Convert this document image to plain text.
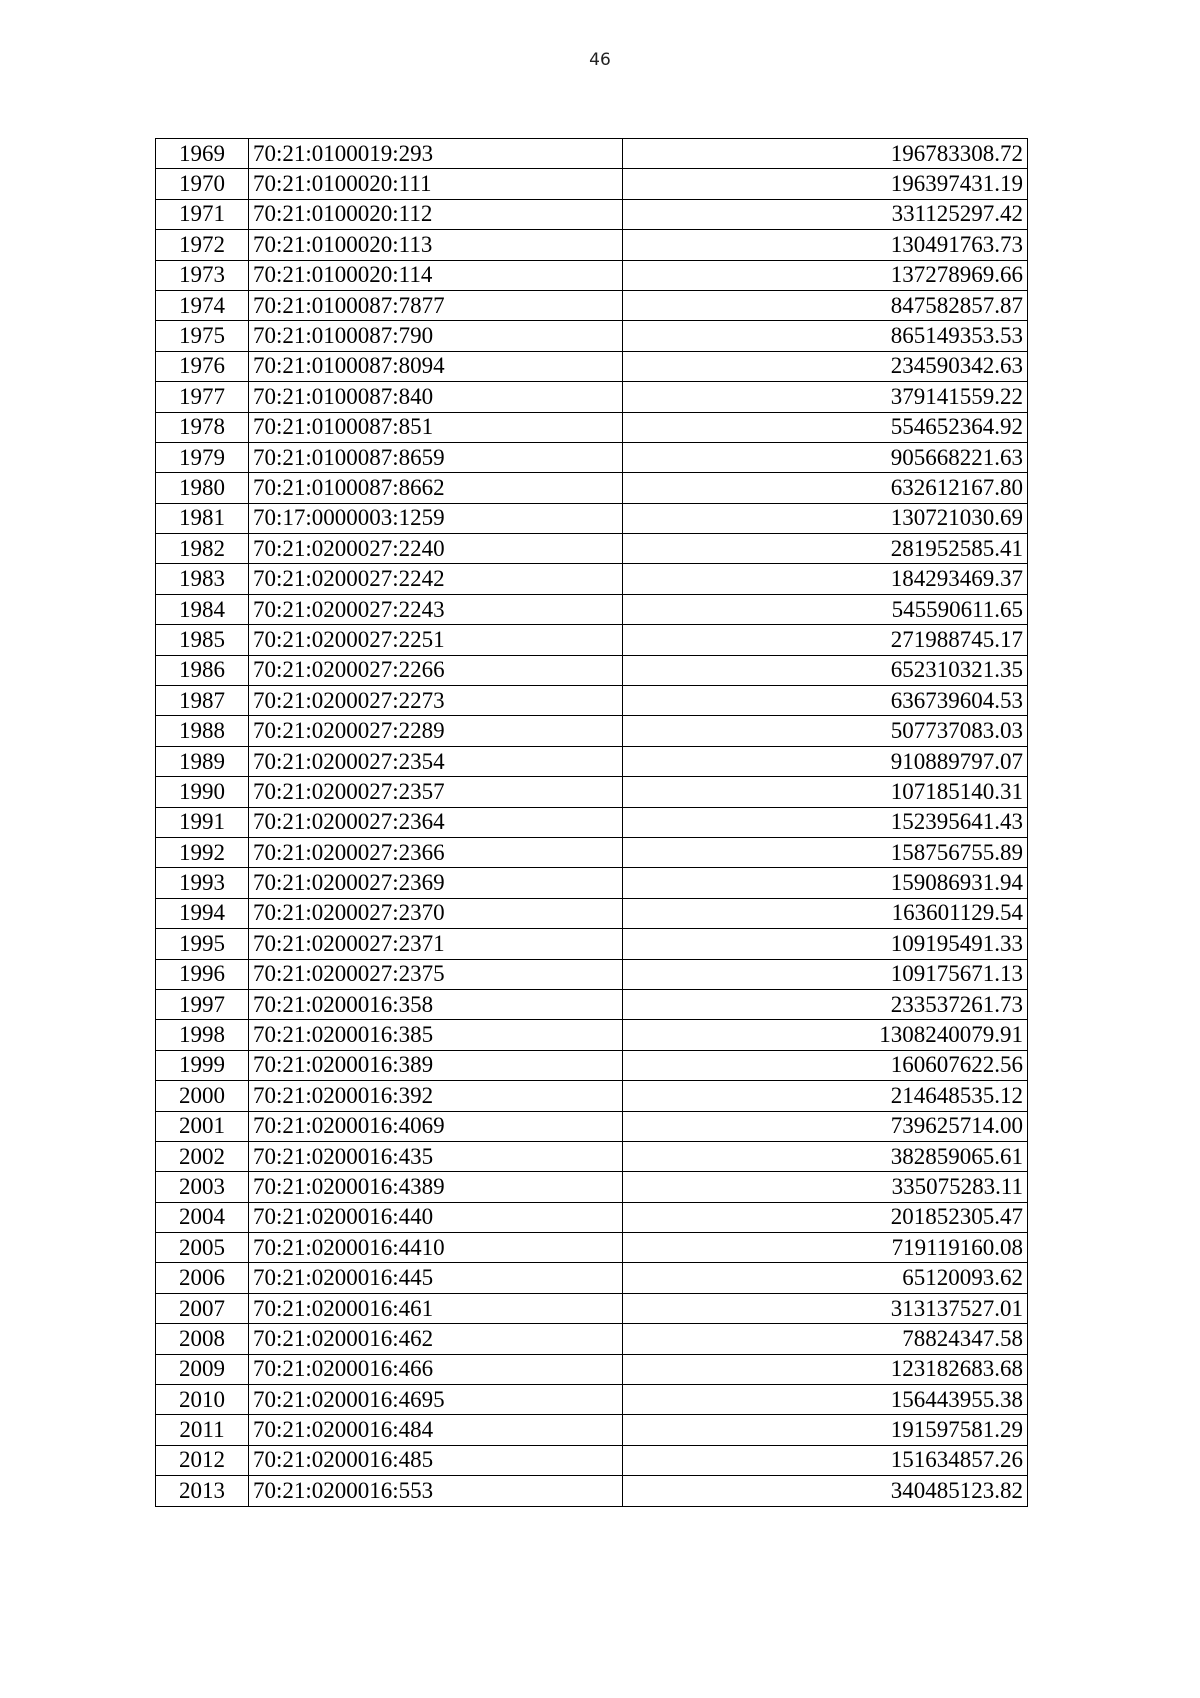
46
1969	70:21:0100019:293	196783308.72
1970	70:21:0100020:111	196397431.19
1971	70:21:0100020:112	331125297.42
1972	70:21:0100020:113	130491763.73
1973	70:21:0100020:114	137278969.66
1974	70:21:0100087:7877	847582857.87
1975	70:21:0100087:790	865149353.53
1976	70:21:0100087:8094	234590342.63
1977	70:21:0100087:840	379141559.22
1978	70:21:0100087:851	554652364.92
1979	70:21:0100087:8659	905668221.63
1980	70:21:0100087:8662	632612167.80
1981	70:17:0000003:1259	130721030.69
1982	70:21:0200027:2240	281952585.41
1983	70:21:0200027:2242	184293469.37
1984	70:21:0200027:2243	545590611.65
1985	70:21:0200027:2251	271988745.17
1986	70:21:0200027:2266	652310321.35
1987	70:21:0200027:2273	636739604.53
1988	70:21:0200027:2289	507737083.03
1989	70:21:0200027:2354	910889797.07
1990	70:21:0200027:2357	107185140.31
1991	70:21:0200027:2364	152395641.43
1992	70:21:0200027:2366	158756755.89
1993	70:21:0200027:2369	159086931.94
1994	70:21:0200027:2370	163601129.54
1995	70:21:0200027:2371	109195491.33
1996	70:21:0200027:2375	109175671.13
1997	70:21:0200016:358	233537261.73
1998	70:21:0200016:385	1308240079.91
1999	70:21:0200016:389	160607622.56
2000	70:21:0200016:392	214648535.12
2001	70:21:0200016:4069	739625714.00
2002	70:21:0200016:435	382859065.61
2003	70:21:0200016:4389	335075283.11
2004	70:21:0200016:440	201852305.47
2005	70:21:0200016:4410	719119160.08
2006	70:21:0200016:445	65120093.62
2007	70:21:0200016:461	313137527.01
2008	70:21:0200016:462	78824347.58
2009	70:21:0200016:466	123182683.68
2010	70:21:0200016:4695	156443955.38
2011	70:21:0200016:484	191597581.29
2012	70:21:0200016:485	151634857.26
2013	70:21:0200016:553	340485123.82
